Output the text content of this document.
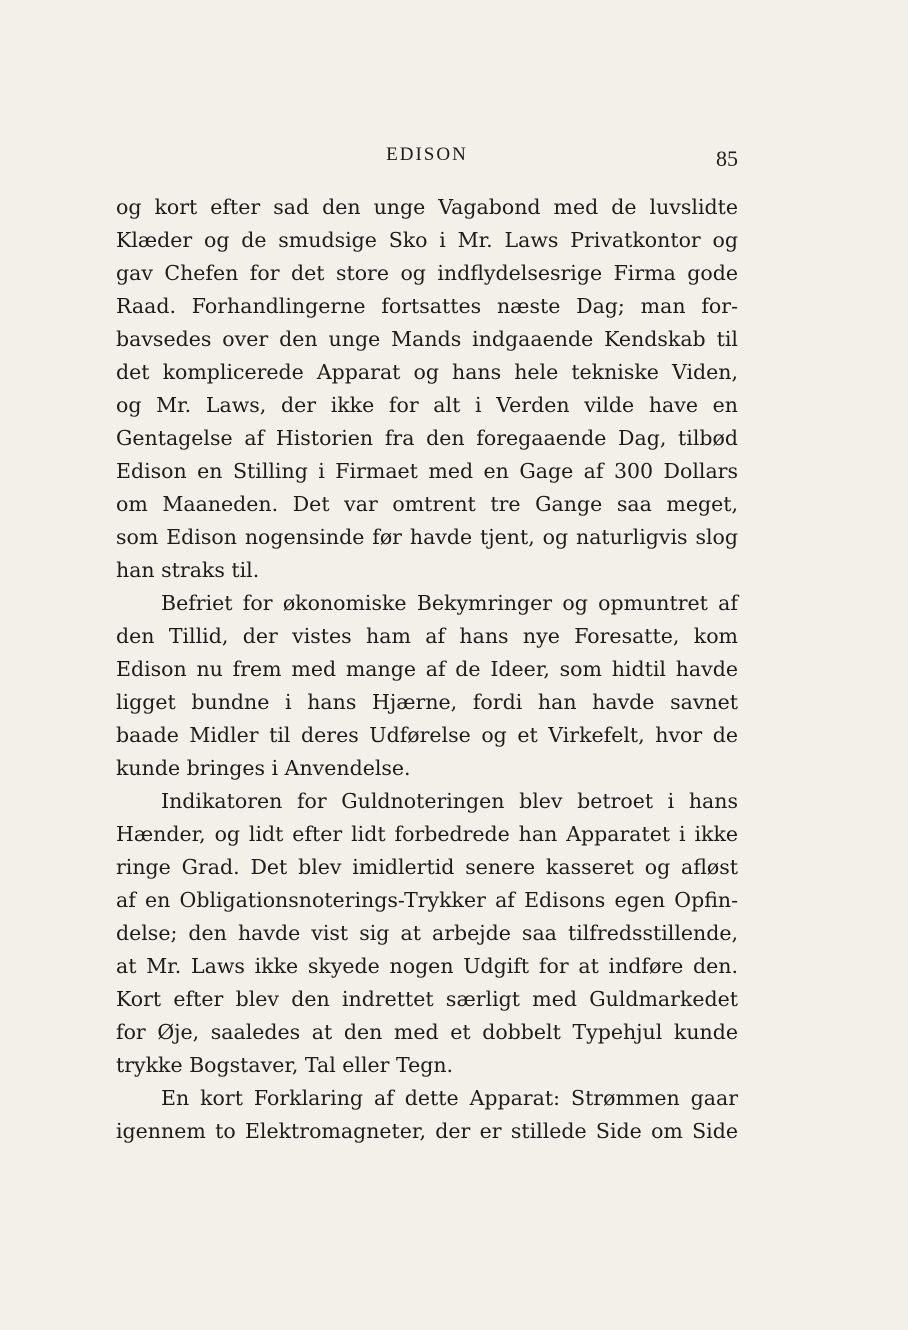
EDISON	85
og kort efter sad den unge Vagabond med de luvslidte
Klæder og de smudsige Sko i Mr. Laws Privatkontor og
gav Chefen for det store og indflydelsesrige Firma gode
Raad. Forhandlingerne fortsattes næste Dag; man for-
bavsedes over den unge Mands indgaaende Kendskab til
det komplicerede Apparat og hans hele tekniske Viden,
og Mr. Laws, der ikke for alt i Verden vilde have en
Gentagelse af Historien fra den foregaaende Dag, tilbød
Edison en Stilling i Firmaet med en Gage af 300 Dollars
om Maaneden. Det var omtrent tre Gange saa meget,
som Edison nogensinde før havde tjent, og naturligvis slog
han straks til.
Befriet for økonomiske Bekymringer og opmuntret af
den Tillid, der vistes ham af hans nye Foresatte, kom
Edison nu frem med mange af de Ideer, som hidtil havde
ligget bundne i hans Hjærne, fordi han havde savnet
baade Midler til deres Udførelse og et Virkefelt, hvor de
kunde bringes i Anvendelse.
Indikatoren for Guldnoteringen blev betroet i hans
Hænder, og lidt efter lidt forbedrede han Apparatet i ikke
ringe Grad. Det blev imidlertid senere kasseret og afløst
af en Obligationsnoterings-Trykker af Edisons egen Opfin-
delse; den havde vist sig at arbejde saa tilfredsstillende,
at Mr. Laws ikke skyede nogen Udgift for at indføre den.
Kort efter blev den indrettet særligt med Guldmarkedet
for Øje, saaledes at den med et dobbelt Typehjul kunde
trykke Bogstaver, Tal eller Tegn.
En kort Forklaring af dette Apparat: Strømmen gaar
igennem to Elektromagneter, der er stillede Side om Side
